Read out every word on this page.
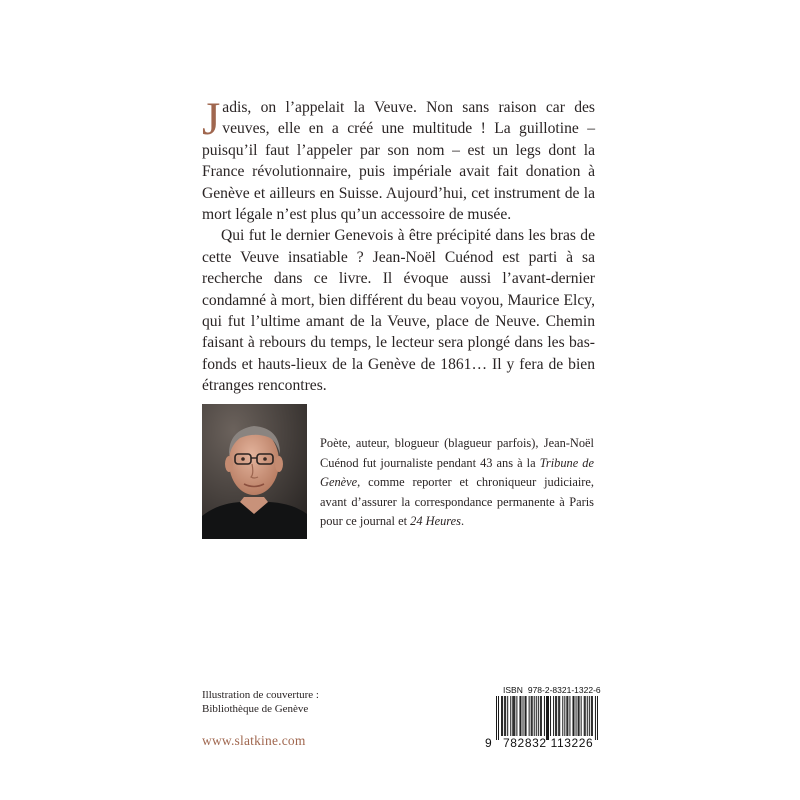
Jadis, on l’appelait la Veuve. Non sans raison car des veuves, elle en a créé une multitude ! La guillotine – puisqu’il faut l’appeler par son nom – est un legs dont la France révolutionnaire, puis impériale avait fait donation à Genève et ailleurs en Suisse. Aujourd’hui, cet instrument de la mort légale n’est plus qu’un accessoire de musée.

Qui fut le dernier Genevois à être précipité dans les bras de cette Veuve insatiable ? Jean-Noël Cuénod est parti à sa recherche dans ce livre. Il évoque aussi l’avant-dernier condamné à mort, bien différent du beau voyou, Maurice Elcy, qui fut l’ultime amant de la Veuve, place de Neuve. Chemin faisant à rebours du temps, le lecteur sera plongé dans les bas-fonds et hauts-lieux de la Genève de 1861… Il y fera de bien étranges rencontres.

Poète, auteur, blogueur (blagueur parfois), Jean-Noël Cuénod fut journaliste pendant 43 ans à la Tribune de Genève, comme reporter et chroniqueur judiciaire, avant d’assurer la correspondance permanente à Paris pour ce journal et 24 Heures.

Illustration de couverture :
Bibliothèque de Genève

www.slatkine.com
ISBN 978-2-8321-1322-6
9 782832 113226
